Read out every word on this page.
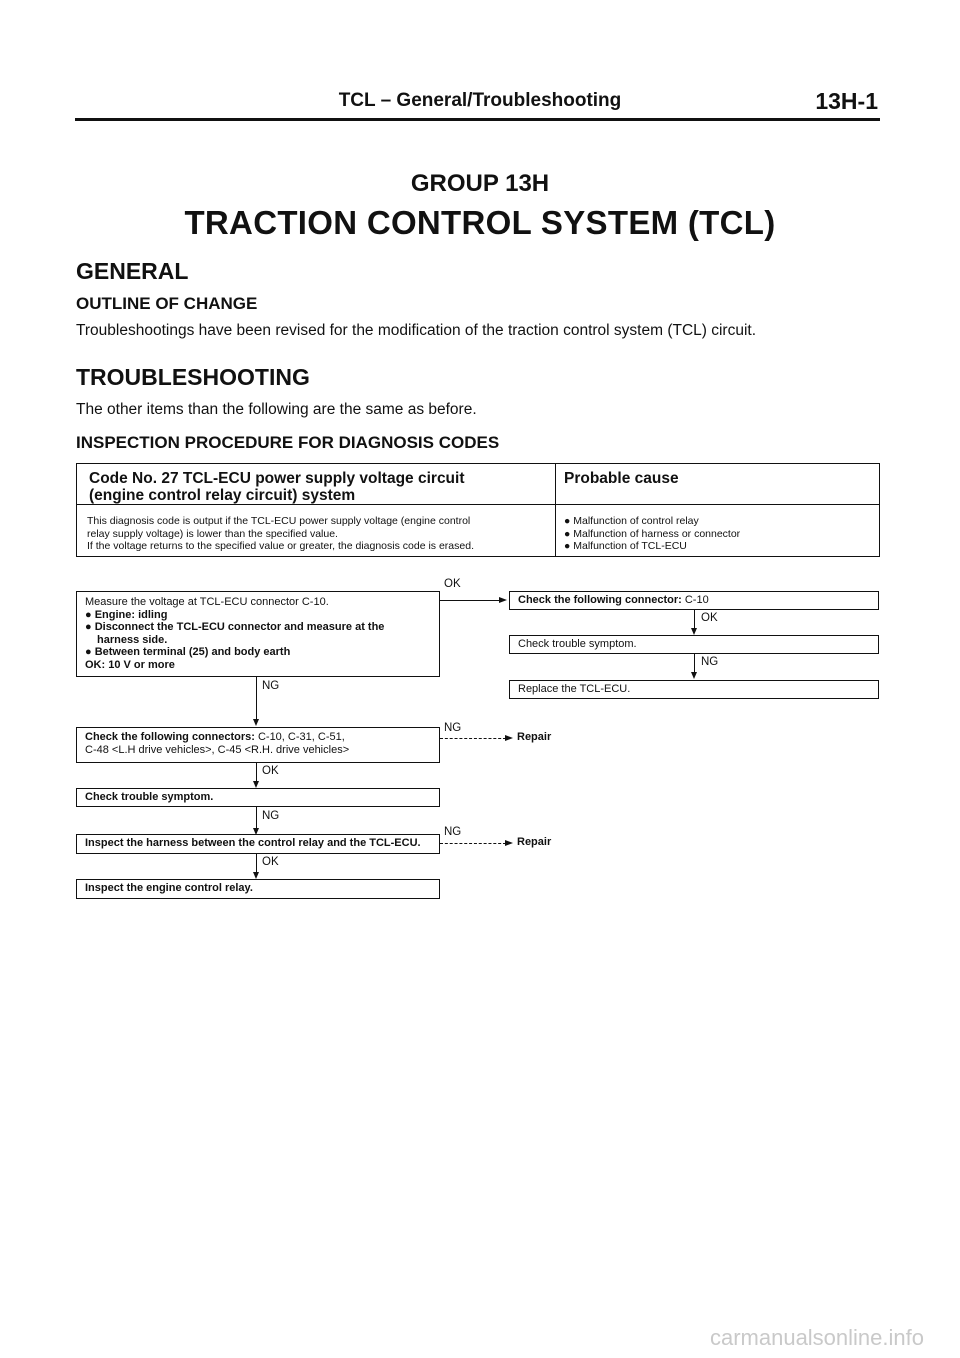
TCL – General/Troubleshooting	13H-1
GROUP 13H
TRACTION CONTROL SYSTEM (TCL)
GENERAL
OUTLINE OF CHANGE
Troubleshootings have been revised for the modification of the traction control system (TCL) circuit.
TROUBLESHOOTING
The other items than the following are the same as before.
INSPECTION PROCEDURE FOR DIAGNOSIS CODES
Code No. 27 TCL-ECU power supply voltage circuit
(engine control relay circuit) system
Probable cause
This diagnosis code is output if the TCL-ECU power supply voltage (engine control
relay supply voltage) is lower than the specified value.
If the voltage returns to the specified value or greater, the diagnosis code is erased.
● Malfunction of control relay
● Malfunction of harness or connector
● Malfunction of TCL-ECU
Measure the voltage at TCL-ECU connector C-10.
● Engine: idling
● Disconnect the TCL-ECU connector and measure at the
harness side.
● Between terminal (25) and body earth
OK: 10 V or more
OK
Check the following connector: C-10
OK
Check trouble symptom.
NG
Replace the TCL-ECU.
NG
Check the following connectors: C-10, C-31, C-51,
C-48 <L.H drive vehicles>, C-45 <R.H. drive vehicles>
NG
Repair
OK
Check trouble symptom.
NG
Inspect the harness between the control relay and the TCL-ECU.
NG
Repair
OK
Inspect the engine control relay.
carmanualsonline.info
